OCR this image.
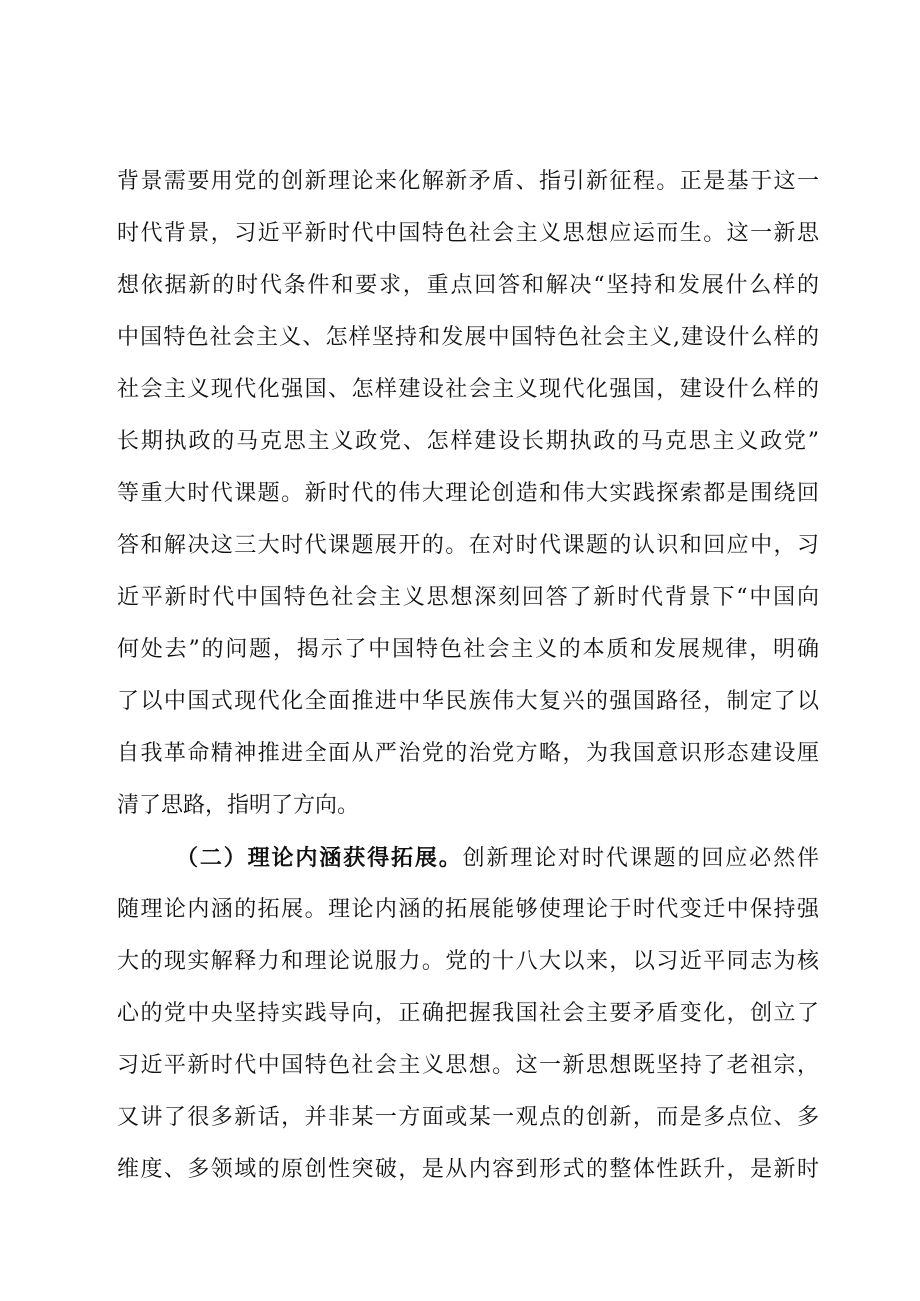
背景需要用党的创新理论来化解新矛盾、指引新征程。正是基于这一
时代背景，习近平新时代中国特色社会主义思想应运而生。这一新思
想依据新的时代条件和要求，重点回答和解决“坚持和发展什么样的
中国特色社会主义、怎样坚持和发展中国特色社会主义,建设什么样的
社会主义现代化强国、怎样建设社会主义现代化强国，建设什么样的
长期执政的马克思主义政党、怎样建设长期执政的马克思主义政党”
等重大时代课题。新时代的伟大理论创造和伟大实践探索都是围绕回
答和解决这三大时代课题展开的。在对时代课题的认识和回应中，习
近平新时代中国特色社会主义思想深刻回答了新时代背景下“中国向
何处去”的问题，揭示了中国特色社会主义的本质和发展规律，明确
了以中国式现代化全面推进中华民族伟大复兴的强国路径，制定了以
自我革命精神推进全面从严治党的治党方略，为我国意识形态建设厘
清了思路，指明了方向。
（二）理论内涵获得拓展。创新理论对时代课题的回应必然伴
随理论内涵的拓展。理论内涵的拓展能够使理论于时代变迁中保持强
大的现实解释力和理论说服力。党的十八大以来，以习近平同志为核
心的党中央坚持实践导向，正确把握我国社会主要矛盾变化，创立了
习近平新时代中国特色社会主义思想。这一新思想既坚持了老祖宗，
又讲了很多新话，并非某一方面或某一观点的创新，而是多点位、多
维度、多领域的原创性突破，是从内容到形式的整体性跃升，是新时
